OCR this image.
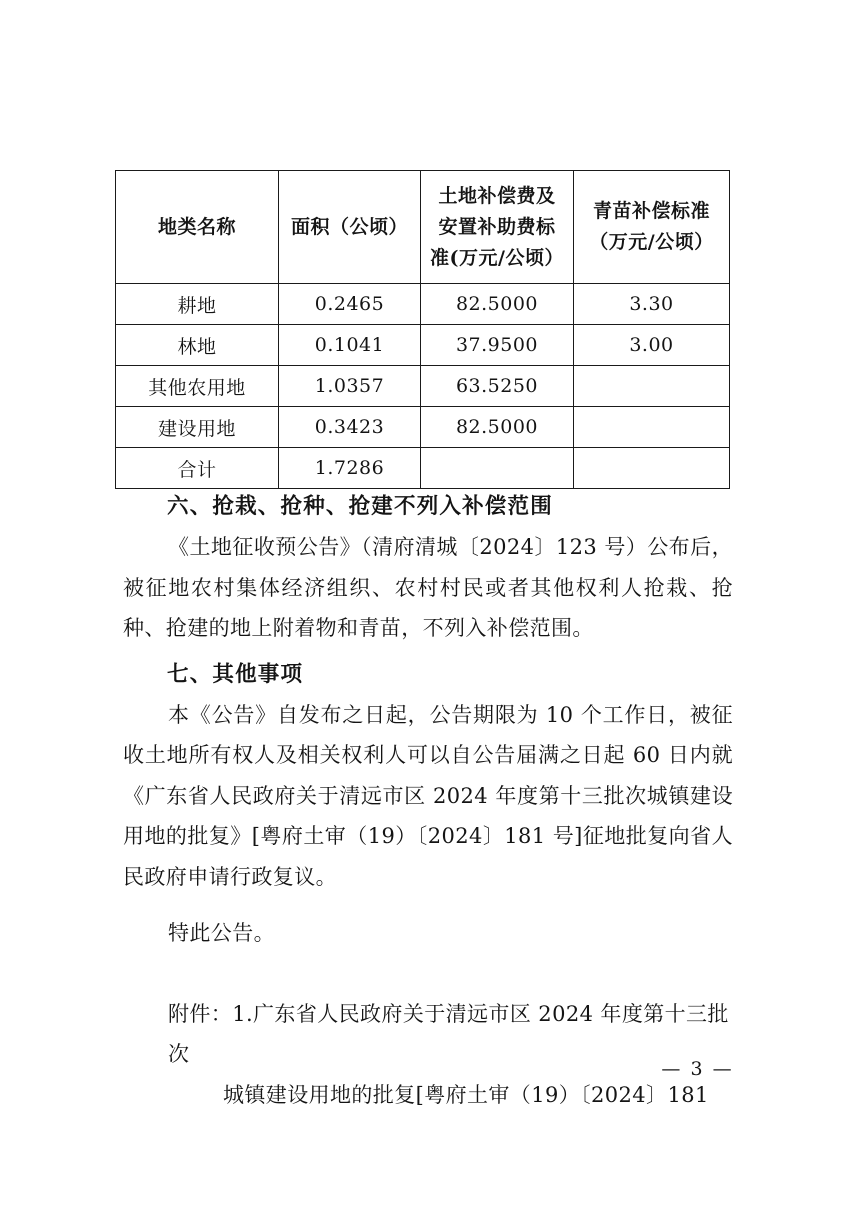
地类名称	面积（公顷）	土地补偿费及
安置补助费标
准(万元/公顷）	青苗补偿标准
（万元/公顷）

耕地	0.2465	82.5000	3.30
林地	0.1041	37.9500	3.00
其他农用地	1.0357	63.5250	
建设用地	0.3423	82.5000	
合计	1.7286		
六、抢栽、抢种、抢建不列入补偿范围

《土地征收预公告》（清府清城〔2024〕123 号）公布后，被征地农村集体经济组织、农村村民或者其他权利人抢栽、抢种、抢建的地上附着物和青苗，不列入补偿范围。

七、其他事项

本《公告》自发布之日起，公告期限为 10 个工作日，被征收土地所有权人及相关权利人可以自公告届满之日起 60 日内就《广东省人民政府关于清远市区 2024 年度第十三批次城镇建设用地的批复》[粤府土审（19）〔2024〕181 号]征地批复向省人民政府申请行政复议。

特此公告。

附件：1.广东省人民政府关于清远市区 2024 年度第十三批次
城镇建设用地的批复[粤府土审（19）〔2024〕181
— 3 —
